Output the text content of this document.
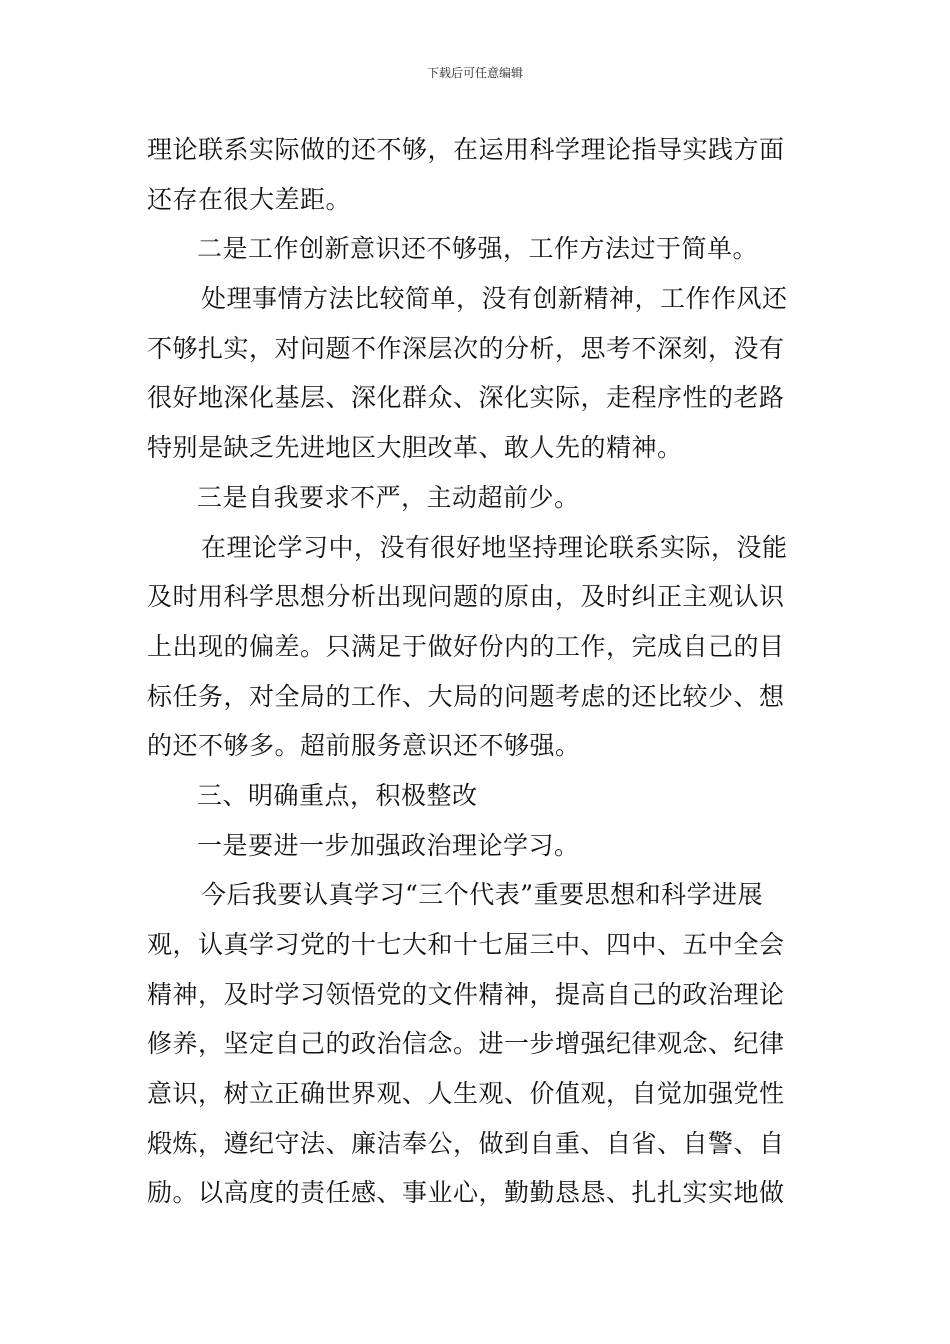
下载后可任意编辑
理论联系实际做的还不够，在运用科学理论指导实践方面
还存在很大差距。
二是工作创新意识还不够强，工作方法过于简单。
处理事情方法比较简单，没有创新精神，工作作风还
不够扎实，对问题不作深层次的分析，思考不深刻，没有
很好地深化基层、深化群众、深化实际，走程序性的老路
特别是缺乏先进地区大胆改革、敢人先的精神。
三是自我要求不严，主动超前少。
在理论学习中，没有很好地坚持理论联系实际，没能
及时用科学思想分析出现问题的原由，及时纠正主观认识
上出现的偏差。只满足于做好份内的工作，完成自己的目
标任务，对全局的工作、大局的问题考虑的还比较少、想
的还不够多。超前服务意识还不够强。
三、明确重点，积极整改
一是要进一步加强政治理论学习。
今后我要认真学习“三个代表”重要思想和科学进展
观，认真学习党的十七大和十七届三中、四中、五中全会
精神，及时学习领悟党的文件精神，提高自己的政治理论
修养，坚定自己的政治信念。进一步增强纪律观念、纪律
意识，树立正确世界观、人生观、价值观，自觉加强党性
煅炼，遵纪守法、廉洁奉公，做到自重、自省、自警、自
励。以高度的责任感、事业心，勤勤恳恳、扎扎实实地做
